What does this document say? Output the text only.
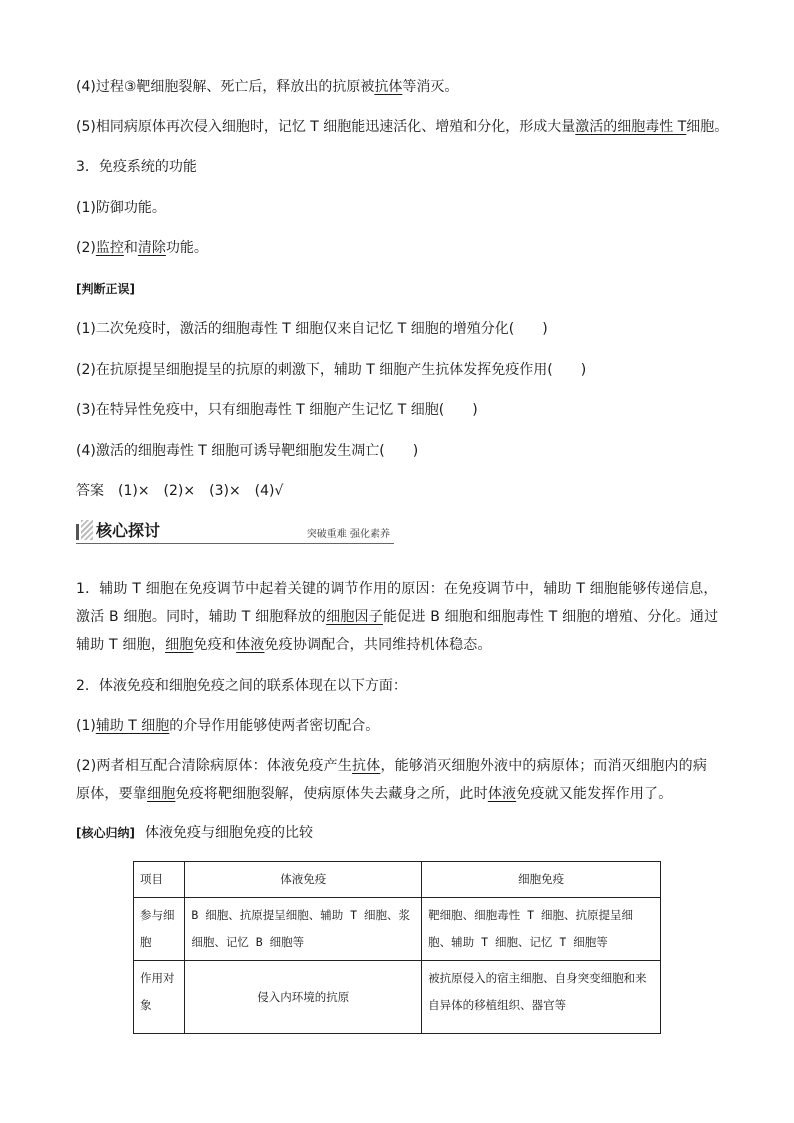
(4)过程③靶细胞裂解、死亡后，释放出的抗原被抗体等消灭。
(5)相同病原体再次侵入细胞时，记忆 T 细胞能迅速活化、增殖和分化，形成大量激活的细胞毒性 T细胞。
3．免疫系统的功能
(1)防御功能。
(2)监控和清除功能。
[判断正误]
(1)二次免疫时，激活的细胞毒性 T 细胞仅来自记忆 T 细胞的增殖分化(　　)
(2)在抗原提呈细胞提呈的抗原的刺激下，辅助 T 细胞产生抗体发挥免疫作用(　　)
(3)在特异性免疫中，只有细胞毒性 T 细胞产生记忆 T 细胞(　　)
(4)激活的细胞毒性 T 细胞可诱导靶细胞发生凋亡(　　)
答案　(1)×　(2)×　(3)×　(4)√
核心探讨	突破重难 强化素养
1．辅助 T 细胞在免疫调节中起着关键的调节作用的原因：在免疫调节中，辅助 T 细胞能够传递信息，激活 B 细胞。同时，辅助 T 细胞释放的细胞因子能促进 B 细胞和细胞毒性 T 细胞的增殖、分化。通过辅助 T 细胞，细胞免疫和体液免疫协调配合，共同维持机体稳态。
2．体液免疫和细胞免疫之间的联系体现在以下方面：
(1)辅助 T 细胞的介导作用能够使两者密切配合。
(2)两者相互配合清除病原体：体液免疫产生抗体，能够消灭细胞外液中的病原体；而消灭细胞内的病原体，要靠细胞免疫将靶细胞裂解，使病原体失去藏身之所，此时体液免疫就又能发挥作用了。
[核心归纳] 体液免疫与细胞免疫的比较
项目	体液免疫	细胞免疫
参与细胞	B 细胞、抗原提呈细胞、辅助 T 细胞、浆细胞、记忆 B 细胞等	靶细胞、细胞毒性 T 细胞、抗原提呈细胞、辅助 T 细胞、记忆 T 细胞等
作用对象	侵入内环境的抗原	被抗原侵入的宿主细胞、自身突变细胞和来自异体的移植组织、器官等
